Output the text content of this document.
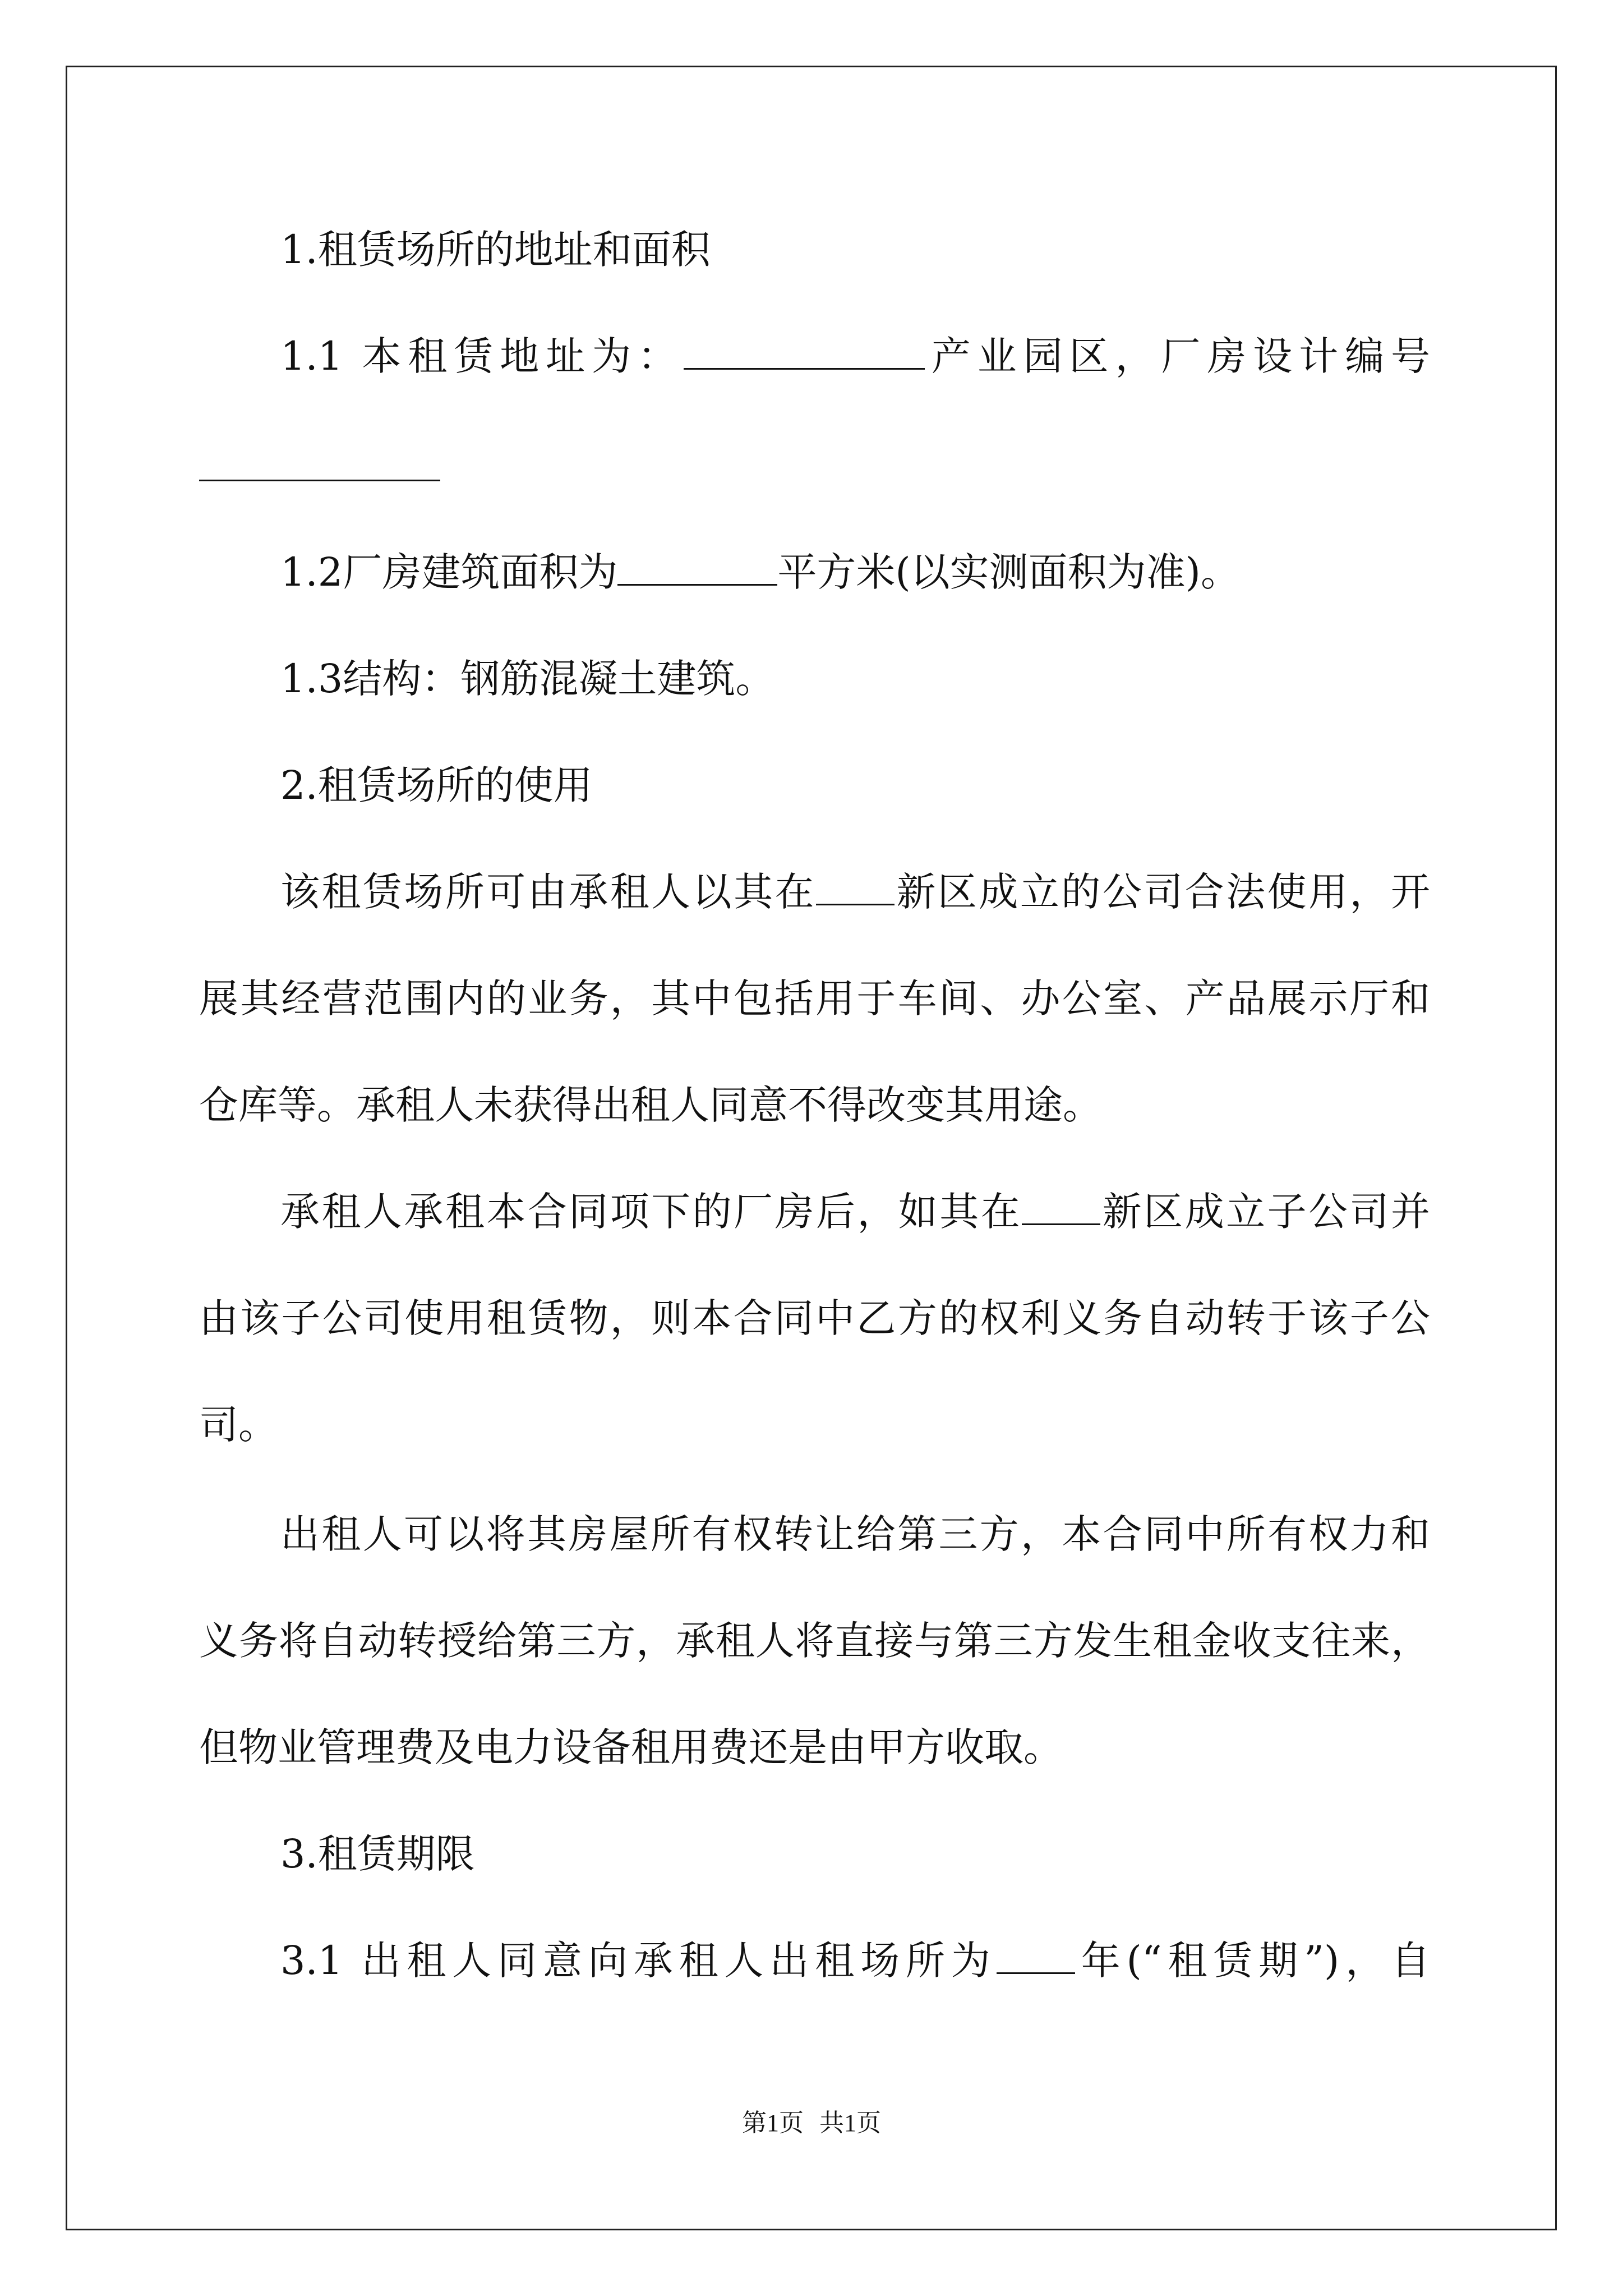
1.租赁场所的地址和面积
1.1 本租赁地址为：	产业园区，厂房设计编号
1.2厂房建筑面积为	平方米(以实测面积为准)。
1.3结构：钢筋混凝土建筑。
2.租赁场所的使用
该租赁场所可由承租人以其在 新区成立的公司合法使用，开
展其经营范围内的业务，其中包括用于车间、办公室、产品展示厅和
仓库等。承租人未获得出租人同意不得改变其用途。
承租人承租本合同项下的厂房后，如其在 新区成立子公司并
由该子公司使用租赁物，则本合同中乙方的权利义务自动转于该子公
司。
出租人可以将其房屋所有权转让给第三方，本合同中所有权力和
义务将自动转授给第三方，承租人将直接与第三方发生租金收支往来，
但物业管理费及电力设备租用费还是由甲方收取。
3.租赁期限
3.1 出租人同意向承租人出租场所为 年(“租赁期”)，自
第1页 共1页
